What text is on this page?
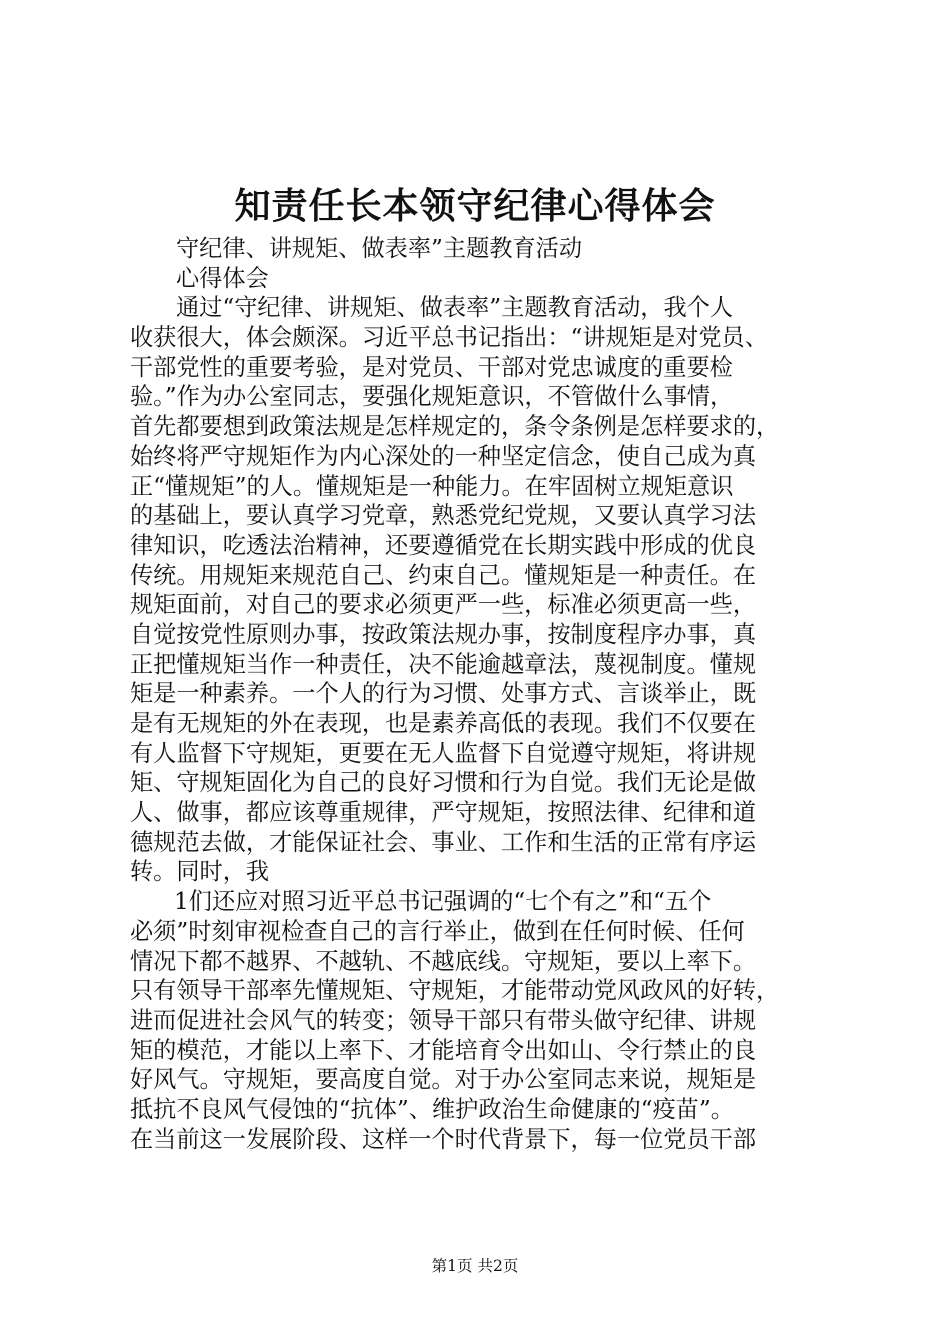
知责任长本领守纪律心得体会
守纪律、讲规矩、做表率”主题教育活动
心得体会
通过“守纪律、讲规矩、做表率”主题教育活动，我个人
收获很大，体会颇深。习近平总书记指出：“讲规矩是对党员、
干部党性的重要考验，是对党员、干部对党忠诚度的重要检
验。”作为办公室同志，要强化规矩意识，不管做什么事情，
首先都要想到政策法规是怎样规定的，条令条例是怎样要求的，
始终将严守规矩作为内心深处的一种坚定信念，使自己成为真
正“懂规矩”的人。懂规矩是一种能力。在牢固树立规矩意识
的基础上，要认真学习党章，熟悉党纪党规，又要认真学习法
律知识，吃透法治精神，还要遵循党在长期实践中形成的优良
传统。用规矩来规范自己、约束自己。懂规矩是一种责任。在
规矩面前，对自己的要求必须更严一些，标准必须更高一些，
自觉按党性原则办事，按政策法规办事，按制度程序办事，真
正把懂规矩当作一种责任，决不能逾越章法，蔑视制度。懂规
矩是一种素养。一个人的行为习惯、处事方式、言谈举止，既
是有无规矩的外在表现，也是素养高低的表现。我们不仅要在
有人监督下守规矩，更要在无人监督下自觉遵守规矩，将讲规
矩、守规矩固化为自己的良好习惯和行为自觉。我们无论是做
人、做事，都应该尊重规律，严守规矩，按照法律、纪律和道
德规范去做，才能保证社会、事业、工作和生活的正常有序运
转。同时，我
1们还应对照习近平总书记强调的“七个有之”和“五个
必须”时刻审视检查自己的言行举止，做到在任何时候、任何
情况下都不越界、不越轨、不越底线。守规矩，要以上率下。
只有领导干部率先懂规矩、守规矩，才能带动党风政风的好转，
进而促进社会风气的转变；领导干部只有带头做守纪律、讲规
矩的模范，才能以上率下、才能培育令出如山、令行禁止的良
好风气。守规矩，要高度自觉。对于办公室同志来说，规矩是
抵抗不良风气侵蚀的“抗体”、维护政治生命健康的“疫苗”。
在当前这一发展阶段、这样一个时代背景下，每一位党员干部
第1页 共2页
